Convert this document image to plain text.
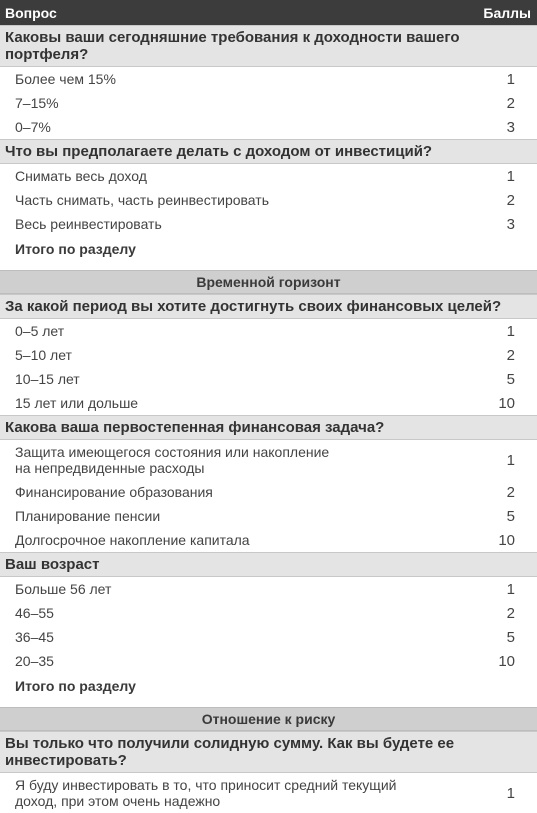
Вопрос	Баллы
Каковы ваши сегодняшние требования к доходности вашего портфеля?
Более чем 15%	1
7–15%	2
0–7%	3
Что вы предполагаете делать с доходом от инвестиций?
Снимать весь доход	1
Часть снимать, часть реинвестировать	2
Весь реинвестировать	3
Итого по разделу
Временной горизонт
За какой период вы хотите достигнуть своих финансовых целей?
0–5 лет	1
5–10 лет	2
10–15 лет	5
15 лет или дольше	10
Какова ваша первостепенная финансовая задача?
Защита имеющегося состояния или накопление
на непредвиденные расходы	1
Финансирование образования	2
Планирование пенсии	5
Долгосрочное накопление капитала	10
Ваш возраст
Больше 56 лет	1
46–55	2
36–45	5
20–35	10
Итого по разделу
Отношение к риску
Вы только что получили солидную сумму. Как вы будете ее инвестировать?
Я буду инвестировать в то, что приносит средний текущий
доход, при этом очень надежно	1
